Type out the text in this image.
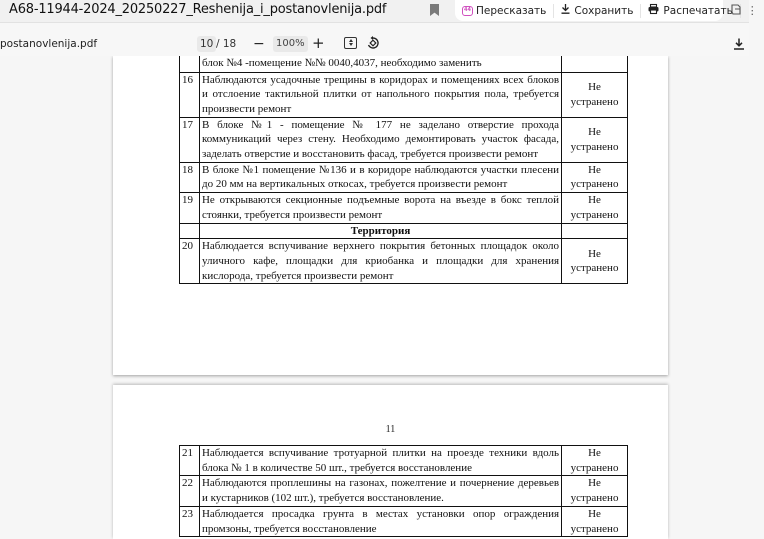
A68-11944-2024_20250227_Reshenija_i_postanovlenija.pdf	44 Пересказать	Сохранить	Распечатать	⋮
postanovlenija.pdf	10 / 18 −	100% +
	блок №4 -помещение №№ 0040,4037, необходимо заменить	
16	Наблюдаются усадочные трещины в коридорах и помещениях всех блоков и отслоение тактильной плитки от напольного покрытия пола, требуется произвести ремонт	Не
устранено
17	В блоке №1 - помещение № 177 не заделано отверстие прохода коммуникаций через стену. Необходимо демонтировать участок фасада, заделать отверстие и восстановить фасад, требуется произвести ремонт	Не
устранено
18	В блоке №1 помещение №136 и в коридоре наблюдаются участки плесени до 20 мм на вертикальных откосах, требуется произвести ремонт	Не
устранено
19	Не открываются секционные подъемные ворота на въезде в бокс теплой стоянки, требуется произвести ремонт	Не
устранено
	Территория	
20	Наблюдается вспучивание верхнего покрытия бетонных площадок около уличного кафе, площадки для криобанка и площадки для хранения кислорода, требуется произвести ремонт	Не
устранено
11
21	Наблюдается вспучивание тротуарной плитки на проезде техники вдоль блока № 1 в количестве 50 шт., требуется восстановление	Не
устранено
22	Наблюдаются проплешины на газонах, пожелтение и почернение деревьев и кустарников (102 шт.), требуется восстановление.	Не
устранено
23	Наблюдается просадка грунта в местах установки опор ограждения промзоны, требуется восстановление	Не
устранено
